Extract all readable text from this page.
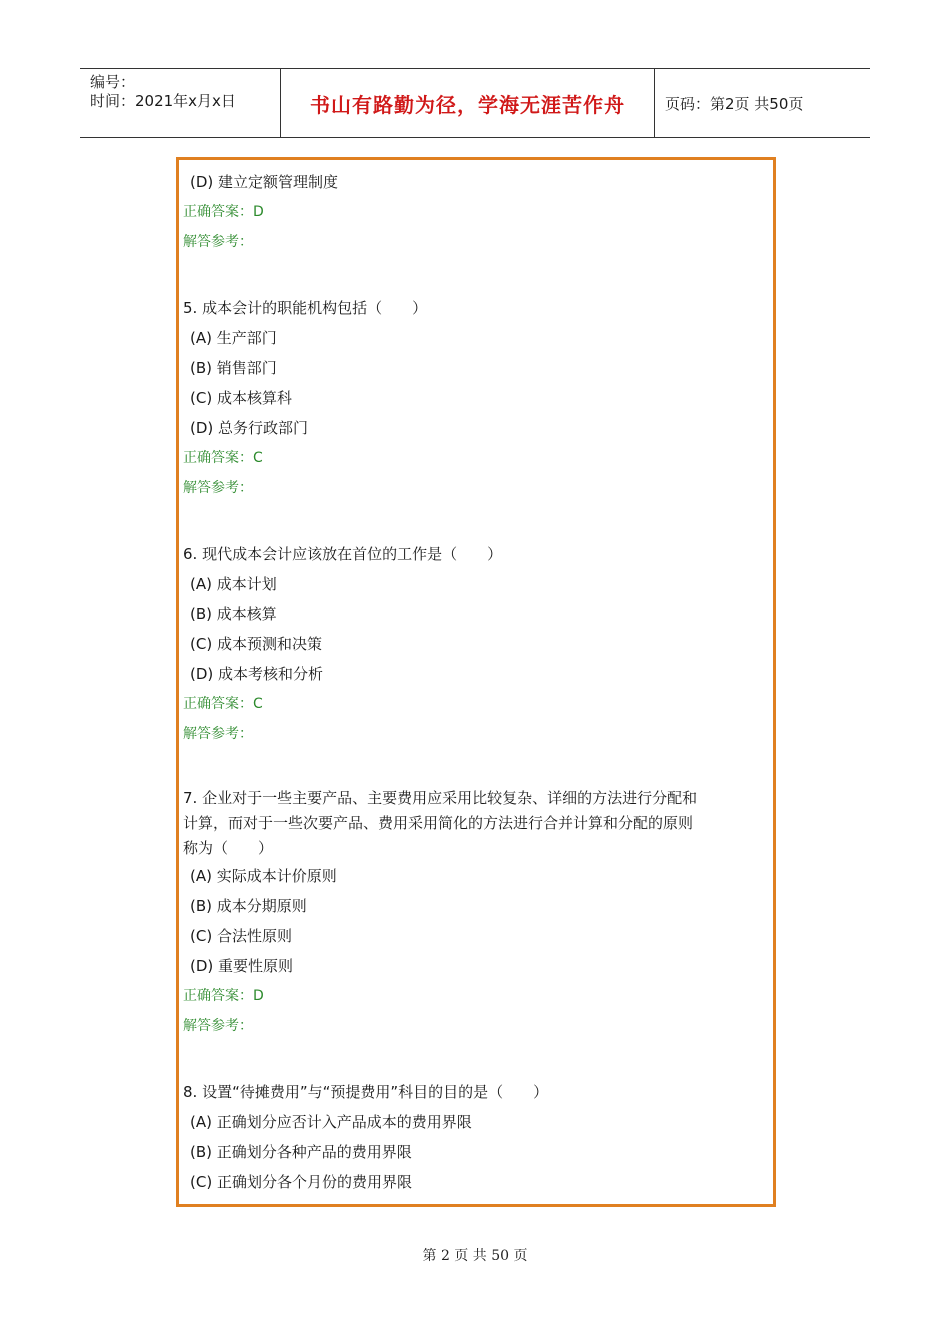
编号：
时间：2021年x月x日	书山有路勤为径，学海无涯苦作舟	页码：第2页 共50页
(D) 建立定额管理制度
正确答案：D
解答参考：
5. 成本会计的职能机构包括（　　）
(A) 生产部门
(B) 销售部门
(C) 成本核算科
(D) 总务行政部门
正确答案：C
解答参考：
6. 现代成本会计应该放在首位的工作是（　　）
(A) 成本计划
(B) 成本核算
(C) 成本预测和决策
(D) 成本考核和分析
正确答案：C
解答参考：
7. 企业对于一些主要产品、主要费用应采用比较复杂、详细的方法进行分配和
计算，而对于一些次要产品、费用采用简化的方法进行合并计算和分配的原则
称为（　　）
(A) 实际成本计价原则
(B) 成本分期原则
(C) 合法性原则
(D) 重要性原则
正确答案：D
解答参考：
8. 设置“待摊费用”与“预提费用”科目的目的是（　　）
(A) 正确划分应否计入产品成本的费用界限
(B) 正确划分各种产品的费用界限
(C) 正确划分各个月份的费用界限
第 2 页 共 50 页
